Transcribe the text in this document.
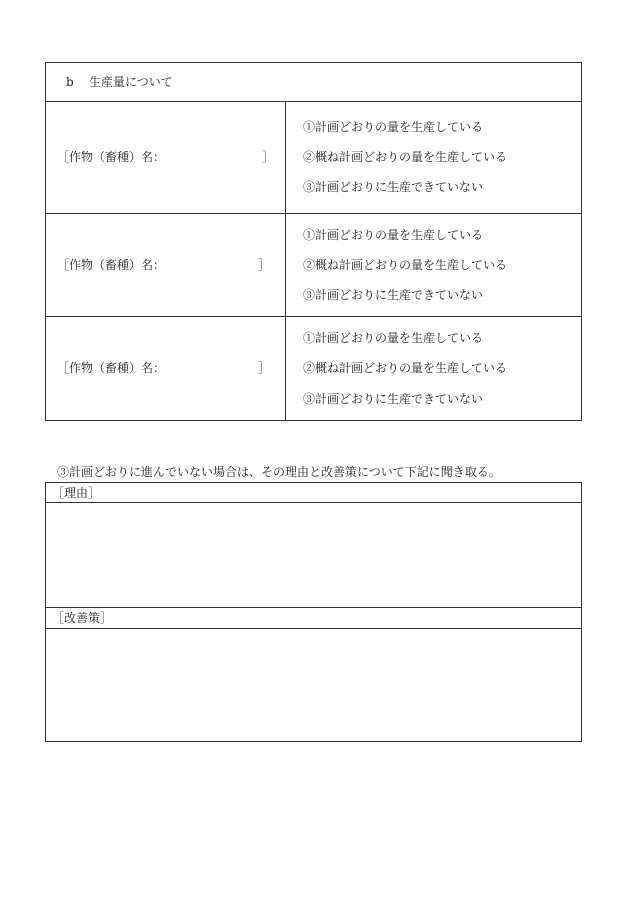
b 生産量について
［作物（畜種）名：	］
①計画どおりの量を生産している
②概ね計画どおりの量を生産している
③計画どおりに生産できていない
［作物（畜種）名：	］
①計画どおりの量を生産している
②概ね計画どおりの量を生産している
③計画どおりに生産できていない
［作物（畜種）名：	］
①計画どおりの量を生産している
②概ね計画どおりの量を生産している
③計画どおりに生産できていない
③計画どおりに進んでいない場合は、その理由と改善策について下記に聞き取る。
［理由］
［改善策］
